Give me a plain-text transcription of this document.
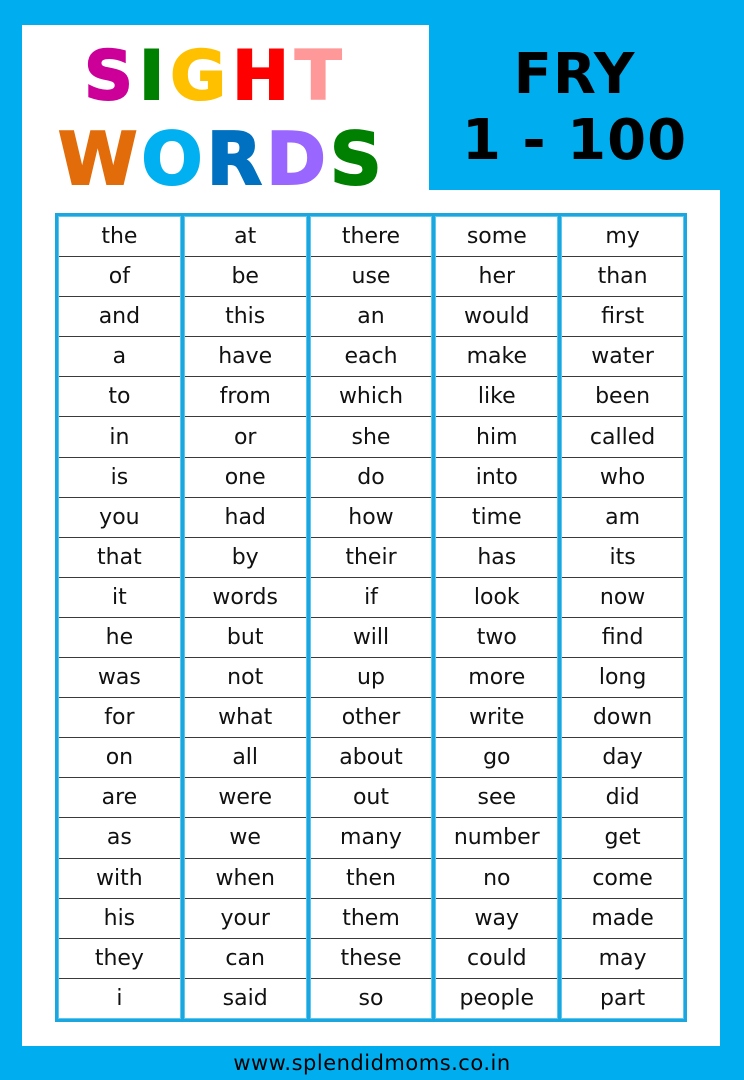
S I G H T
W O R D S
FRY
1 - 100
the
of
and
a
to
in
is
you
that
it
he
was
for
on
are
as
with
his
they
i
at
be
this
have
from
or
one
had
by
words
but
not
what
all
were
we
when
your
can
said
there
use
an
each
which
she
do
how
their
if
will
up
other
about
out
many
then
them
these
so
some
her
would
make
like
him
into
time
has
look
two
more
write
go
see
number
no
way
could
people
my
than
first
water
been
called
who
am
its
now
find
long
down
day
did
get
come
made
may
part
www.splendidmoms.co.in
